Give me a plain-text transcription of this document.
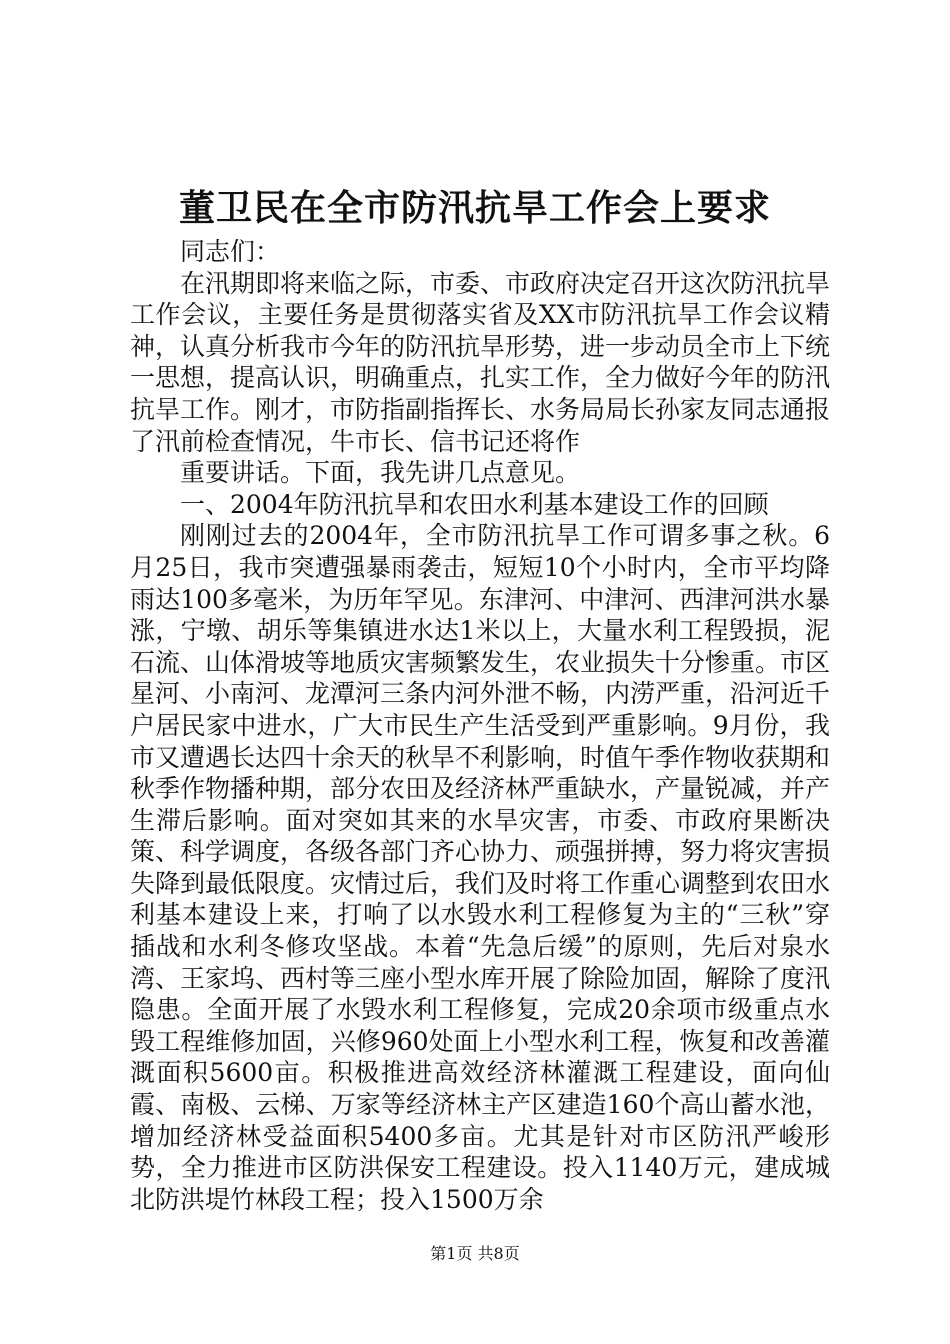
董卫民在全市防汛抗旱工作会上要求

同志们：

在汛期即将来临之际，市委、市政府决定召开这次防汛抗旱工作会议，主要任务是贯彻落实省及XX市防汛抗旱工作会议精神，认真分析我市今年的防汛抗旱形势，进一步动员全市上下统一思想，提高认识，明确重点，扎实工作，全力做好今年的防汛抗旱工作。刚才，市防指副指挥长、水务局局长孙家友同志通报了汛前检查情况，牛市长、信书记还将作

重要讲话。下面，我先讲几点意见。

一、2004年防汛抗旱和农田水利基本建设工作的回顾

刚刚过去的2004年，全市防汛抗旱工作可谓多事之秋。6月25日，我市突遭强暴雨袭击，短短10个小时内，全市平均降雨达100多毫米，为历年罕见。东津河、中津河、西津河洪水暴涨，宁墩、胡乐等集镇进水达1米以上，大量水利工程毁损，泥石流、山体滑坡等地质灾害频繁发生，农业损失十分惨重。市区星河、小南河、龙潭河三条内河外泄不畅，内涝严重，沿河近千户居民家中进水，广大市民生产生活受到严重影响。9月份，我市又遭遇长达四十余天的秋旱不利影响，时值午季作物收获期和秋季作物播种期，部分农田及经济林严重缺水，产量锐减，并产生滞后影响。面对突如其来的水旱灾害，市委、市政府果断决策、科学调度，各级各部门齐心协力、顽强拼搏，努力将灾害损失降到最低限度。灾情过后，我们及时将工作重心调整到农田水利基本建设上来，打响了以水毁水利工程修复为主的“三秋”穿插战和水利冬修攻坚战。本着“先急后缓”的原则，先后对泉水湾、王家坞、西村等三座小型水库开展了除险加固，解除了度汛隐患。全面开展了水毁水利工程修复，完成20余项市级重点水毁工程维修加固，兴修960处面上小型水利工程，恢复和改善灌溉面积5600亩。积极推进高效经济林灌溉工程建设，面向仙霞、南极、云梯、万家等经济林主产区建造160个高山蓄水池，增加经济林受益面积5400多亩。尤其是针对市区防汛严峻形势，全力推进市区防洪保安工程建设。投入1140万元，建成城北防洪堤竹林段工程；投入1500万余

第1页 共8页
